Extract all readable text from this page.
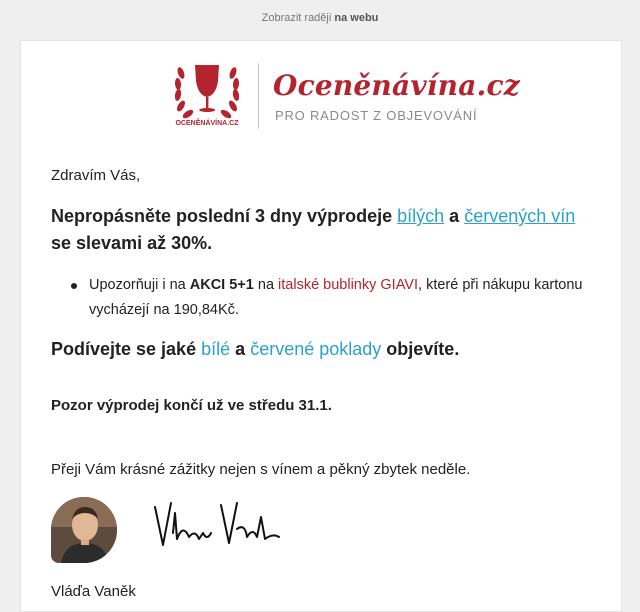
Zobrazit raději na webu
OCENĚNÁVÍNA.CZ
Oceněnávína.cz
PRO RADOST Z OBJEVOVÁNÍ

Zdravím Vás,

Nepropásněte poslední 3 dny výprodeje bílých a červených vín se slevami až 30%.

Upozorňuji i na AKCI 5+1 na italské bublinky GIAVI, které při nákupu kartonu vycházejí na 190,84Kč.

Podívejte se jaké bílé a červené poklady objevíte.

Pozor výprodej končí už ve středu 31.1.

Přeji Vám krásné zážitky nejen s vínem a pěkný zbytek neděle.

Vláďa Vaněk
